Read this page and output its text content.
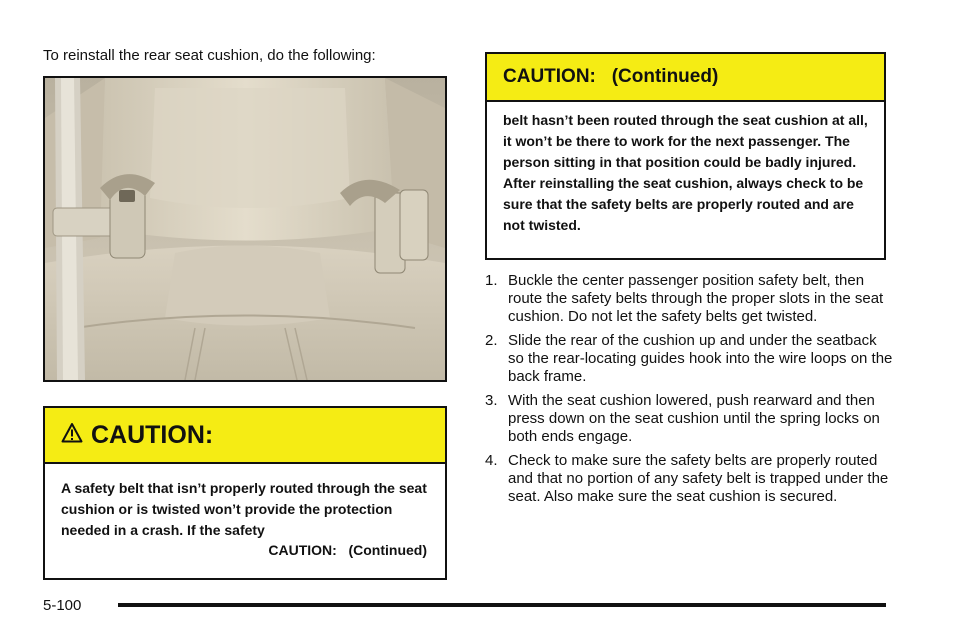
To reinstall the rear seat cushion, do the following:

CAUTION:

A safety belt that isn’t properly routed through the seat cushion or is twisted won’t provide the protection needed in a crash. If the safety

CAUTION:   (Continued)
CAUTION:   (Continued)

belt hasn’t been routed through the seat cushion at all, it won’t be there to work for the next passenger. The person sitting in that position could be badly injured. After reinstalling the seat cushion, always check to be sure that the safety belts are properly routed and are not twisted.

1. Buckle the center passenger position safety belt, then route the safety belts through the proper slots in the seat cushion. Do not let the safety belts get twisted.
2. Slide the rear of the cushion up and under the seatback so the rear-locating guides hook into the wire loops on the back frame.
3. With the seat cushion lowered, push rearward and then press down on the seat cushion until the spring locks on both ends engage.
4. Check to make sure the safety belts are properly routed and that no portion of any safety belt is trapped under the seat. Also make sure the seat cushion is secured.
5-100
